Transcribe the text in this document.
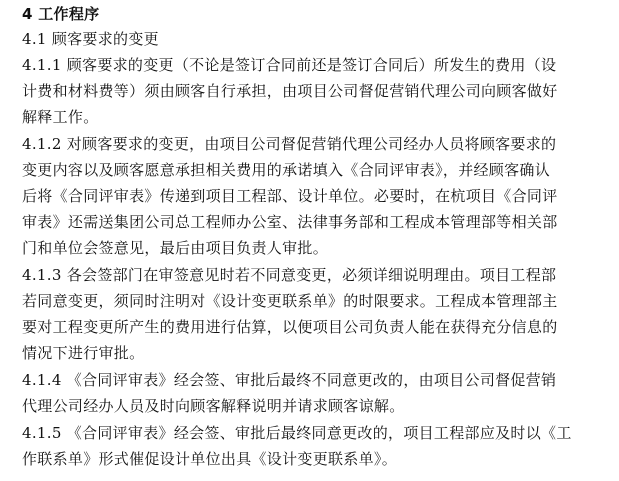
4 工作程序
4.1 顾客要求的变更
4.1.1 顾客要求的变更（不论是签订合同前还是签订合同后）所发生的费用（设
计费和材料费等）须由顾客自行承担，由项目公司督促营销代理公司向顾客做好
解释工作。
4.1.2 对顾客要求的变更，由项目公司督促营销代理公司经办人员将顾客要求的
变更内容以及顾客愿意承担相关费用的承诺填入《合同评审表》，并经顾客确认
后将《合同评审表》传递到项目工程部、设计单位。必要时，在杭项目《合同评
审表》还需送集团公司总工程师办公室、法律事务部和工程成本管理部等相关部
门和单位会签意见，最后由项目负责人审批。
4.1.3 各会签部门在审签意见时若不同意变更，必须详细说明理由。项目工程部
若同意变更，须同时注明对《设计变更联系单》的时限要求。工程成本管理部主
要对工程变更所产生的费用进行估算，以便项目公司负责人能在获得充分信息的
情况下进行审批。
4.1.4 《合同评审表》经会签、审批后最终不同意更改的，由项目公司督促营销
代理公司经办人员及时向顾客解释说明并请求顾客谅解。
4.1.5 《合同评审表》经会签、审批后最终同意更改的，项目工程部应及时以《工
作联系单》形式催促设计单位出具《设计变更联系单》。
